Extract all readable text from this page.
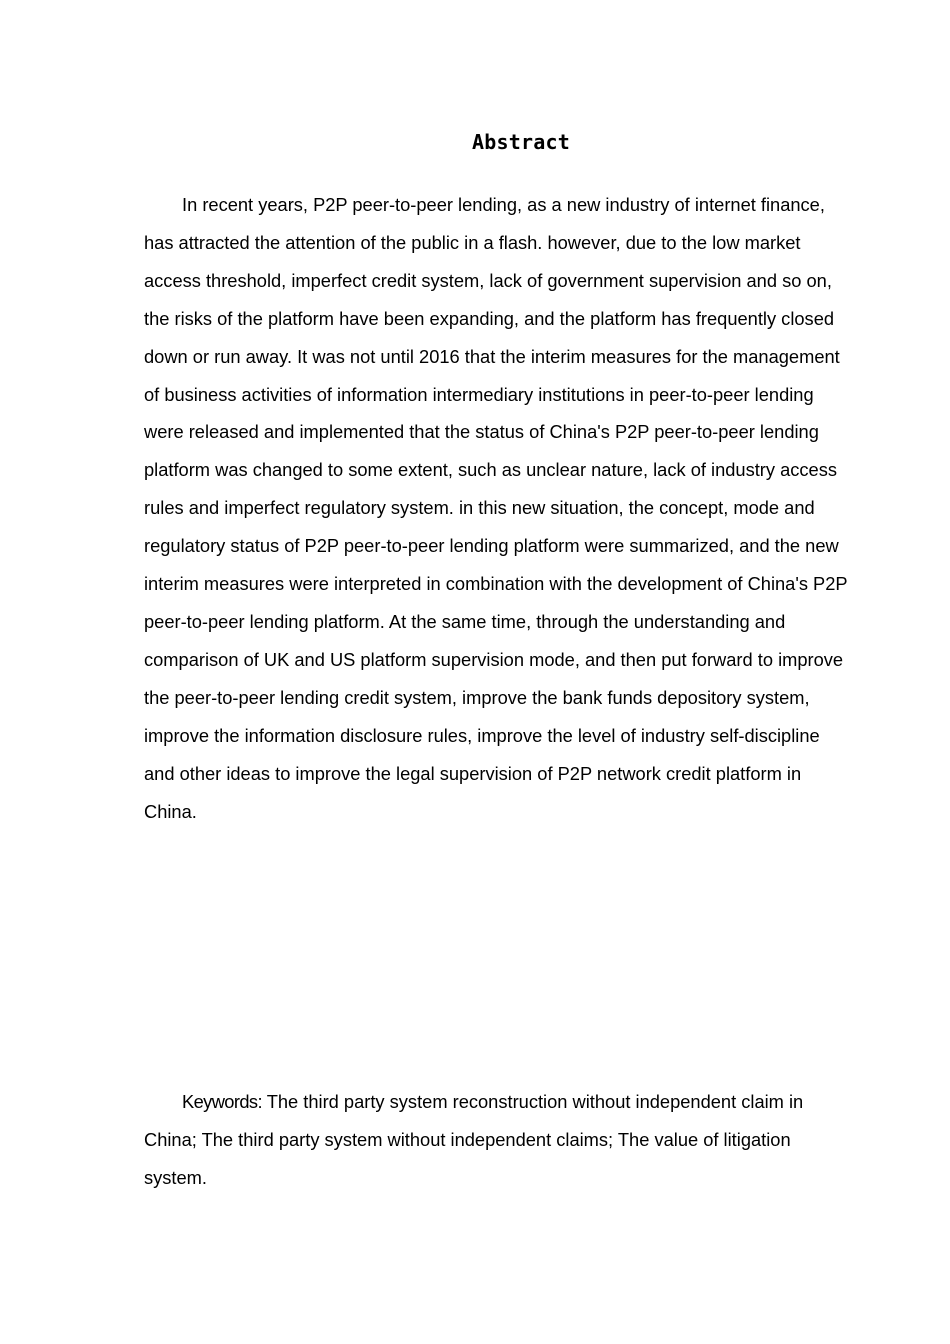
Abstract

In recent years, P2P peer-to-peer lending, as a new industry of internet finance, has attracted the attention of the public in a flash. however, due to the low market access threshold, imperfect credit system, lack of government supervision and so on, the risks of the platform have been expanding, and the platform has frequently closed down or run away. It was not until 2016 that the interim measures for the management of business activities of information intermediary institutions in peer-to-peer lending were released and implemented that the status of China's P2P peer-to-peer lending platform was changed to some extent, such as unclear nature, lack of industry access rules and imperfect regulatory system. in this new situation, the concept, mode and regulatory status of P2P peer-to-peer lending platform were summarized, and the new interim measures were interpreted in combination with the development of China's P2P peer-to-peer lending platform. At the same time, through the understanding and comparison of UK and US platform supervision mode, and then put forward to improve the peer-to-peer lending credit system, improve the bank funds depository system, improve the information disclosure rules, improve the level of industry self-discipline and other ideas to improve the legal supervision of P2P network credit platform in China.

Keywords: The third party system reconstruction without independent claim in China; The third party system without independent claims; The value of litigation system.
